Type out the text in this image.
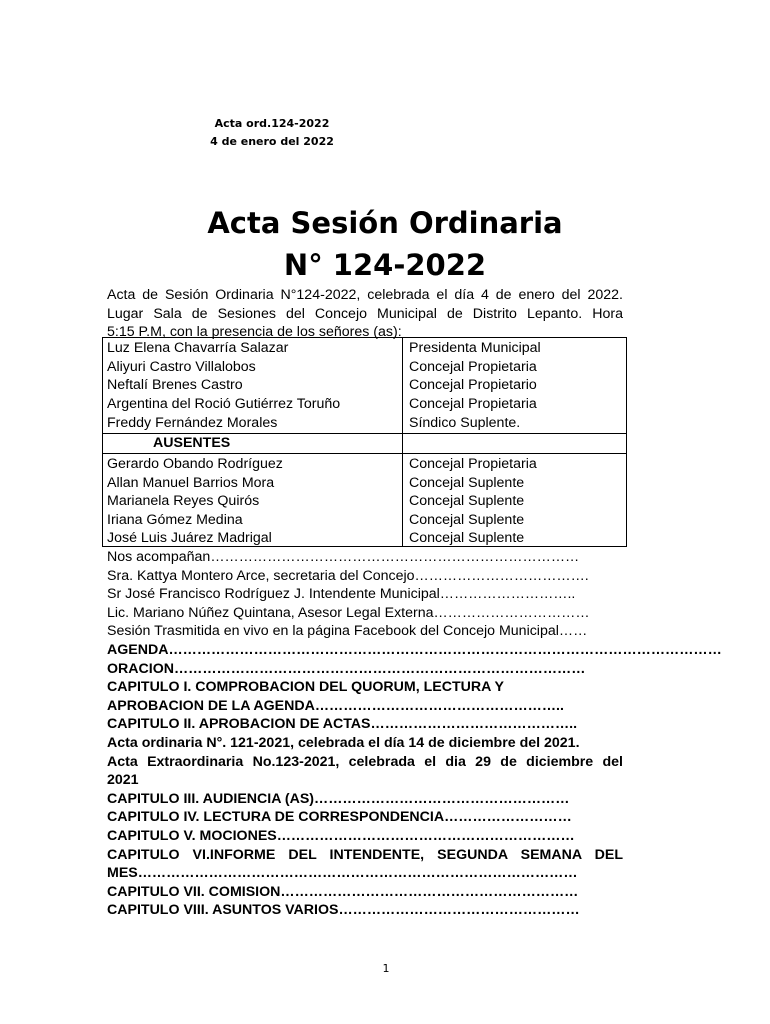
Acta ord.124-2022
4 de enero del 2022
Acta Sesión Ordinaria
N° 124-2022
Acta de Sesión Ordinaria N°124-2022, celebrada el día 4 de enero del 2022.
Lugar Sala de Sesiones del Concejo Municipal de Distrito Lepanto. Hora
5:15 P.M, con la presencia de los señores (as):
Luz Elena Chavarría Salazar	Presidenta Municipal
Aliyuri Castro Villalobos	Concejal Propietaria
Neftalí Brenes Castro	Concejal Propietario
Argentina del Roció Gutiérrez Toruño	Concejal Propietaria
Freddy Fernández Morales	Síndico Suplente.
AUSENTES
Gerardo Obando Rodríguez	Concejal Propietaria
Allan Manuel Barrios Mora	Concejal Suplente
Marianela Reyes Quirós	Concejal Suplente
Iriana Gómez Medina	Concejal Suplente
José Luis Juárez Madrigal	Concejal Suplente
Nos acompañan……………………………………………………………………
Sra. Kattya Montero Arce, secretaria del Concejo……………………………….
Sr José Francisco Rodríguez J. Intendente Municipal………………………..
Lic. Mariano Núñez Quintana, Asesor Legal Externa……………………………
Sesión Trasmitida en vivo en la página Facebook del Concejo Municipal……
AGENDA………………………………………………………………………………………………………
ORACION……………………………………………………………………………
CAPITULO I. COMPROBACION DEL QUORUM, LECTURA Y
APROBACION DE LA AGENDA……………………………………………..
CAPITULO II. APROBACION DE ACTAS……………………………………..
Acta ordinaria N°. 121-2021, celebrada el día 14 de diciembre del 2021.
Acta Extraordinaria No.123-2021, celebrada el dia 29 de diciembre del
2021
CAPITULO III. AUDIENCIA (AS)………………………………………………
CAPITULO IV. LECTURA DE CORRESPONDENCIA………………………
CAPITULO V. MOCIONES………………………………………………………
CAPITULO VI.INFORME DEL INTENDENTE, SEGUNDA SEMANA DEL
MES…………………………………………………………………………………
CAPITULO VII. COMISION………………………………………………………
CAPITULO VIII. ASUNTOS VARIOS……………………………………………
1
